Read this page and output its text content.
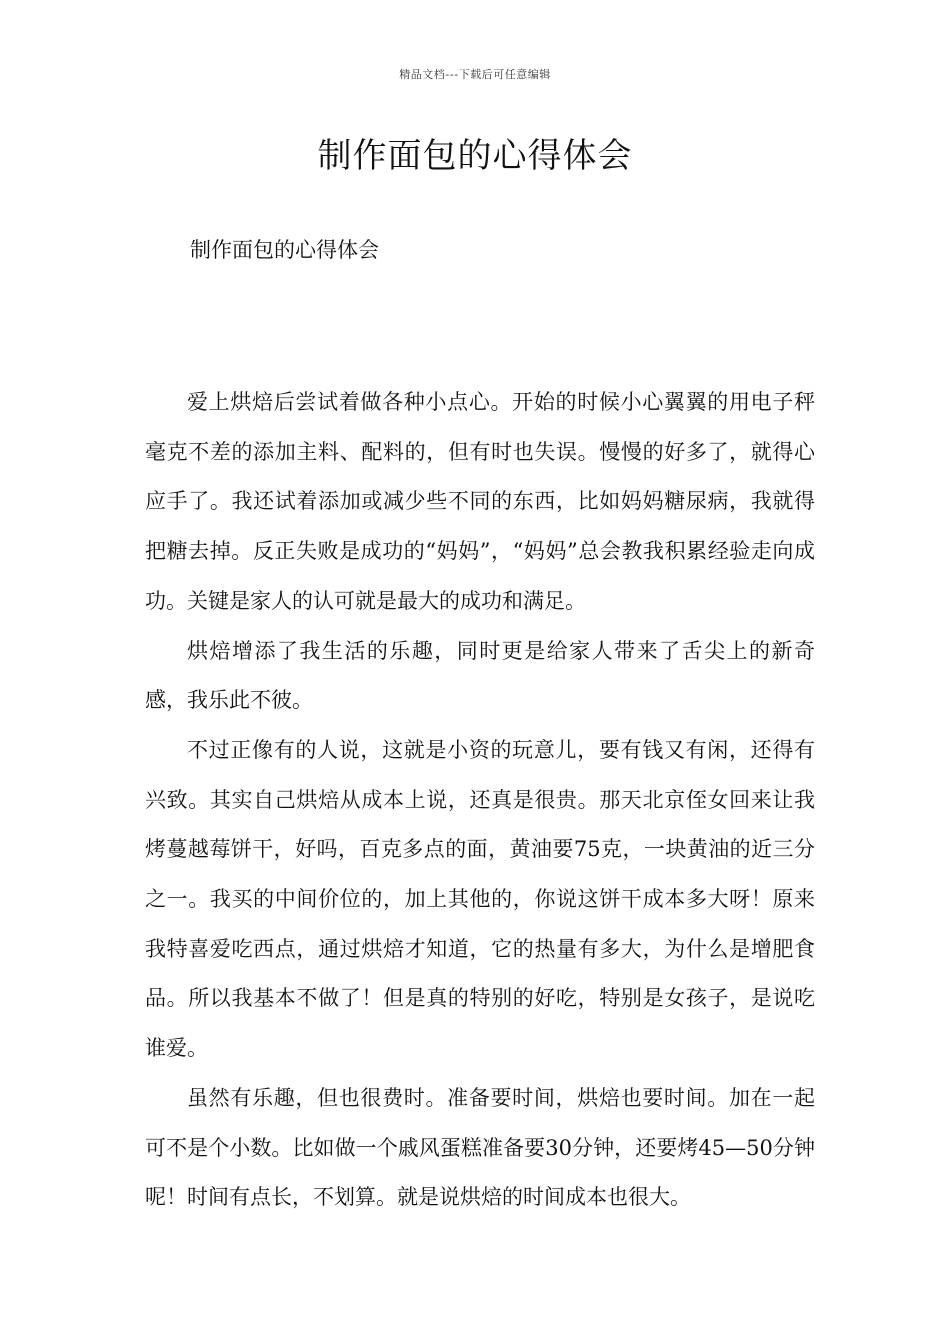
精品文档---下载后可任意编辑
制作面包的心得体会
制作面包的心得体会

爱上烘焙后尝试着做各种小点心。开始的时候小心翼翼的用电子秤毫克不差的添加主料、配料的，但有时也失误。慢慢的好多了，就得心应手了。我还试着添加或减少些不同的东西，比如妈妈糖尿病，我就得把糖去掉。反正失败是成功的“妈妈”，“妈妈”总会教我积累经验走向成功。关键是家人的认可就是最大的成功和满足。

烘焙增添了我生活的乐趣，同时更是给家人带来了舌尖上的新奇感，我乐此不彼。

不过正像有的人说，这就是小资的玩意儿，要有钱又有闲，还得有兴致。其实自己烘焙从成本上说，还真是很贵。那天北京侄女回来让我烤蔓越莓饼干，好吗，百克多点的面，黄油要75克，一块黄油的近三分之一。我买的中间价位的，加上其他的，你说这饼干成本多大呀！原来我特喜爱吃西点，通过烘焙才知道，它的热量有多大，为什么是增肥食品。所以我基本不做了！但是真的特别的好吃，特别是女孩子，是说吃谁爱。

虽然有乐趣，但也很费时。准备要时间，烘焙也要时间。加在一起可不是个小数。比如做一个戚风蛋糕准备要30分钟，还要烤45—50分钟呢！时间有点长，不划算。就是说烘焙的时间成本也很大。
